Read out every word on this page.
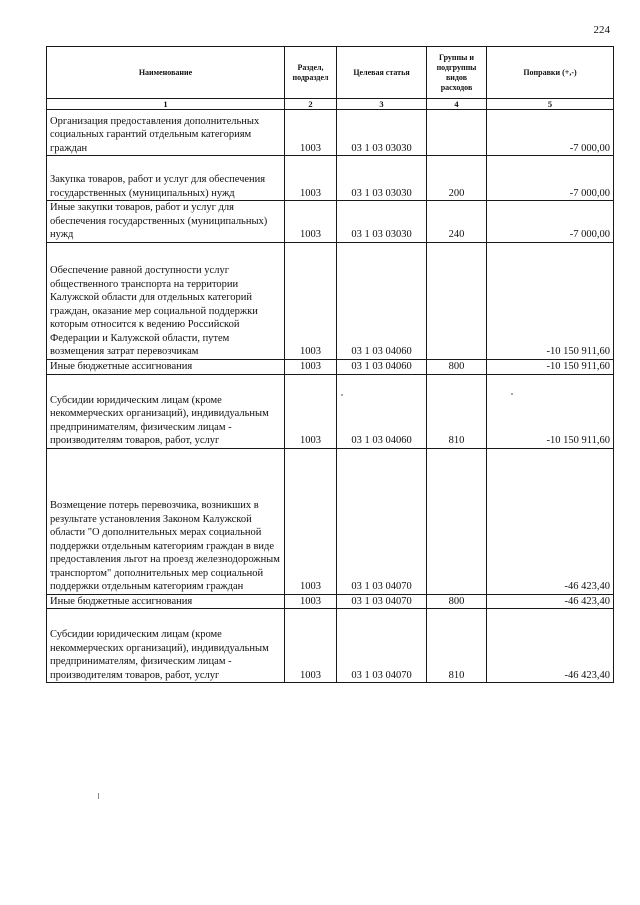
224
Наименование	Раздел, подраздел	Целевая статья	Группы и подгруппы видов расходов	Поправки (+,-)
1	2	3	4	5
Организация предоставления дополнительных социальных гарантий отдельным категориям граждан	1003	03 1 03 03030		-7 000,00
Закупка товаров, работ и услуг для обеспечения государственных (муниципальных) нужд	1003	03 1 03 03030	200	-7 000,00
Иные закупки товаров, работ и услуг для обеспечения государственных (муниципальных) нужд	1003	03 1 03 03030	240	-7 000,00
Обеспечение равной доступности услуг общественного транспорта на территории Калужской области для отдельных категорий граждан, оказание мер социальной поддержки которым относится к ведению Российской Федерации и Калужской области, путем возмещения затрат перевозчикам	1003	03 1 03 04060		-10 150 911,60
Иные бюджетные ассигнования	1003	03 1 03 04060	800	-10 150 911,60
Субсидии юридическим лицам (кроме некоммерческих организаций), индивидуальным предпринимателям, физическим лицам - производителям товаров, работ, услуг	1003	03 1 03 04060	810	-10 150 911,60
Возмещение потерь перевозчика, возникших в результате установления Законом Калужской области "О дополнительных мерах социальной поддержки отдельным категориям граждан в виде предоставления льгот на проезд железнодорожным транспортом" дополнительных мер социальной поддержки отдельным категориям граждан	1003	03 1 03 04070		-46 423,40
Иные бюджетные ассигнования	1003	03 1 03 04070	800	-46 423,40
Субсидии юридическим лицам (кроме некоммерческих организаций), индивидуальным предпринимателям, физическим лицам - производителям товаров, работ, услуг	1003	03 1 03 04070	810	-46 423,40
